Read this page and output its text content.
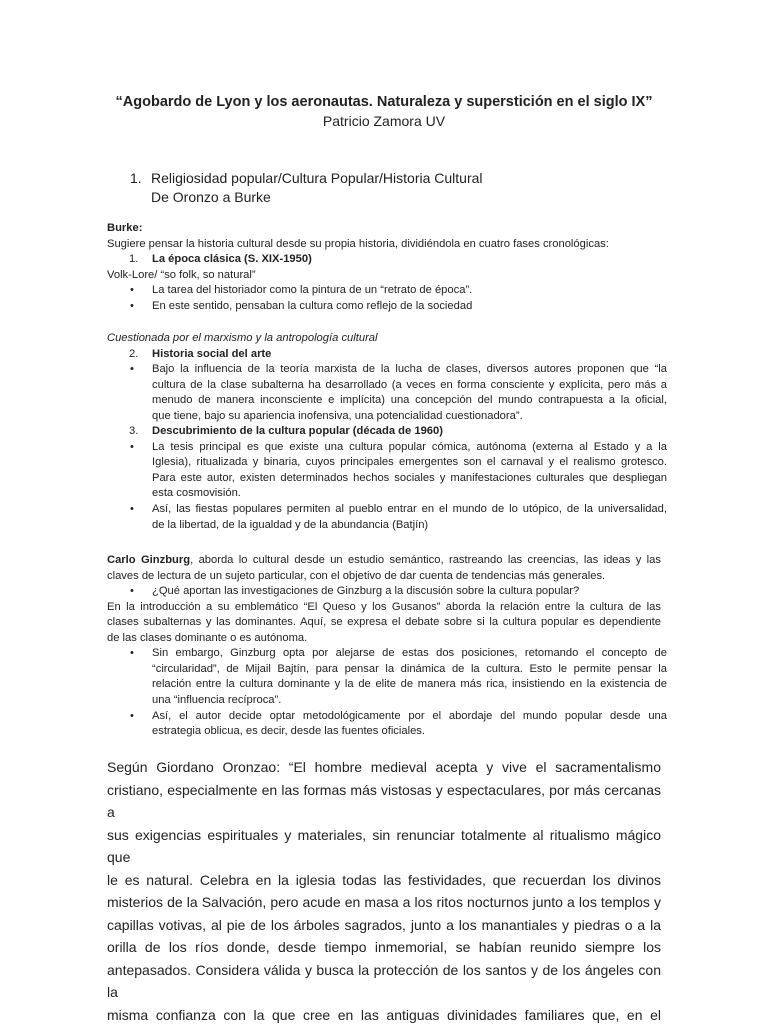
“Agobardo de Lyon y los aeronautas. Naturaleza y superstición en el siglo IX”
Patricio Zamora UV
1. Religiosidad popular/Cultura Popular/Historia Cultural
De Oronzo a Burke
Burke:
Sugiere pensar la historia cultural desde su propia historia, dividiéndola en cuatro fases cronológicas:
1. La época clásica (S. XIX-1950)
Volk-Lore/ “so folk, so natural”
• La tarea del historiador como la pintura de un “retrato de época”.
• En este sentido, pensaban la cultura como reflejo de la sociedad
Cuestionada por el marxismo y la antropología cultural
2. Historia social del arte
• Bajo la influencia de la teoría marxista de la lucha de clases, diversos autores proponen que “la
cultura de la clase subalterna ha desarrollado (a veces en forma consciente y explícita, pero más a
menudo de manera inconsciente e implícita) una concepción del mundo contrapuesta a la oficial,
que tiene, bajo su apariencia inofensiva, una potencialidad cuestionadora”.
3. Descubrimiento de la cultura popular (década de 1960)
• La tesis principal es que existe una cultura popular cómica, autónoma (externa al Estado y a la
Iglesia), ritualizada y binaria, cuyos principales emergentes son el carnaval y el realismo grotesco.
Para este autor, existen determinados hechos sociales y manifestaciones culturales que despliegan
esta cosmovisión.
• Así, las fiestas populares permiten al pueblo entrar en el mundo de lo utópico, de la universalidad,
de la libertad, de la igualdad y de la abundancia (Batjín)
Carlo Ginzburg, aborda lo cultural desde un estudio semántico, rastreando las creencias, las ideas y las
claves de lectura de un sujeto particular, con el objetivo de dar cuenta de tendencias más generales.
• ¿Qué aportan las investigaciones de Ginzburg a la discusión sobre la cultura popular?
En la introducción a su emblemático “El Queso y los Gusanos” aborda la relación entre la cultura de las
clases subalternas y las dominantes. Aquí, se expresa el debate sobre si la cultura popular es dependiente
de las clases dominante o es autónoma.
• Sin embargo, Ginzburg opta por alejarse de estas dos posiciones, retomando el concepto de
“circularidad”, de Mijail Bajtín, para pensar la dinámica de la cultura. Esto le permite pensar la
relación entre la cultura dominante y la de elite de manera más rica, insistiendo en la existencia de
una “influencia recíproca”.
• Así, el autor decide optar metodológicamente por el abordaje del mundo popular desde una
estrategia oblicua, es decir, desde las fuentes oficiales.
Según Giordano Oronzao: “El hombre medieval acepta y vive el sacramentalismo
cristiano, especialmente en las formas más vistosas y espectaculares, por más cercanas a
sus exigencias espirituales y materiales, sin renunciar totalmente al ritualismo mágico que
le es natural. Celebra en la iglesia todas las festividades, que recuerdan los divinos
misterios de la Salvación, pero acude en masa a los ritos nocturnos junto a los templos y
capillas votivas, al pie de los árboles sagrados, junto a los manantiales y piedras o a la
orilla de los ríos donde, desde tiempo inmemorial, se habían reunido siempre los
antepasados. Considera válida y busca la protección de los santos y de los ángeles con la
misma confianza con la que cree en las antiguas divinidades familiares que, en el
